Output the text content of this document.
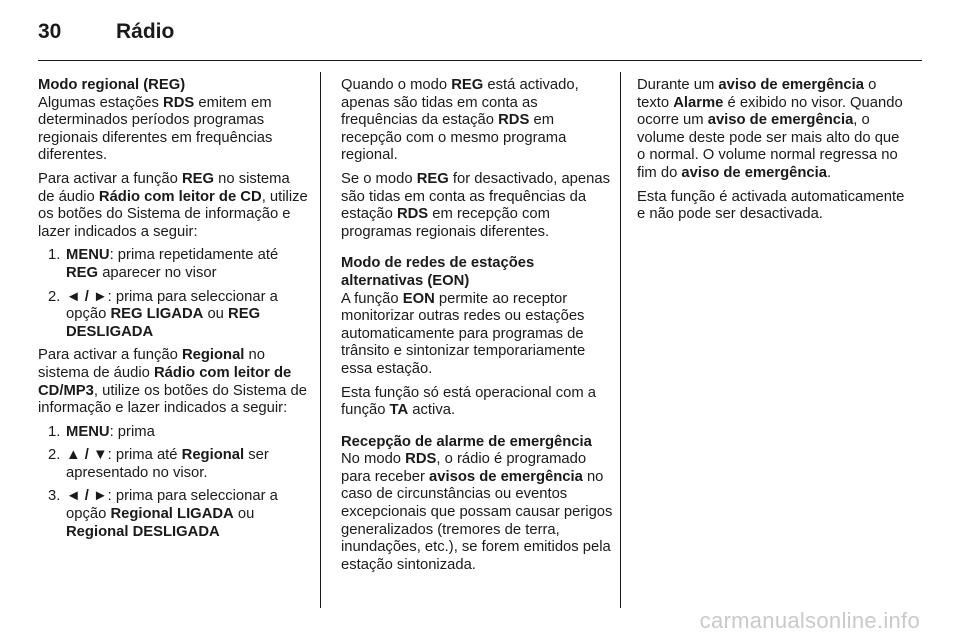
30	Rádio

Modo regional (REG)

Algumas estações RDS emitem em determinados períodos programas regionais diferentes em frequências diferentes.

Para activar a função REG no sistema de áudio Rádio com leitor de CD, utilize os botões do Sistema de informação e lazer indicados a seguir:

1. MENU: prima repetidamente até REG aparecer no visor
2. ◄ / ►: prima para seleccionar a opção REG LIGADA ou REG DESLIGADA

Para activar a função Regional no sistema de áudio Rádio com leitor de CD/MP3, utilize os botões do Sistema de informação e lazer indicados a seguir:

1. MENU: prima
2. ▲ / ▼: prima até Regional ser apresentado no visor.
3. ◄ / ►: prima para seleccionar a opção Regional LIGADA ou Regional DESLIGADA

Quando o modo REG está activado, apenas são tidas em conta as frequências da estação RDS em recepção com o mesmo programa regional.

Se o modo REG for desactivado, apenas são tidas em conta as frequências da estação RDS em recepção com programas regionais diferentes.

Modo de redes de estações alternativas (EON)

A função EON permite ao receptor monitorizar outras redes ou estações automaticamente para programas de trânsito e sintonizar temporariamente essa estação.

Esta função só está operacional com a função TA activa.

Recepção de alarme de emergência

No modo RDS, o rádio é programado para receber avisos de emergência no caso de circunstâncias ou eventos excepcionais que possam causar perigos generalizados (tremores de terra, inundações, etc.), se forem emitidos pela estação sintonizada.

Durante um aviso de emergência o texto Alarme é exibido no visor. Quando ocorre um aviso de emergência, o volume deste pode ser mais alto do que o normal. O volume normal regressa no fim do aviso de emergência.

Esta função é activada automaticamente e não pode ser desactivada.

carmanualsonline.info
